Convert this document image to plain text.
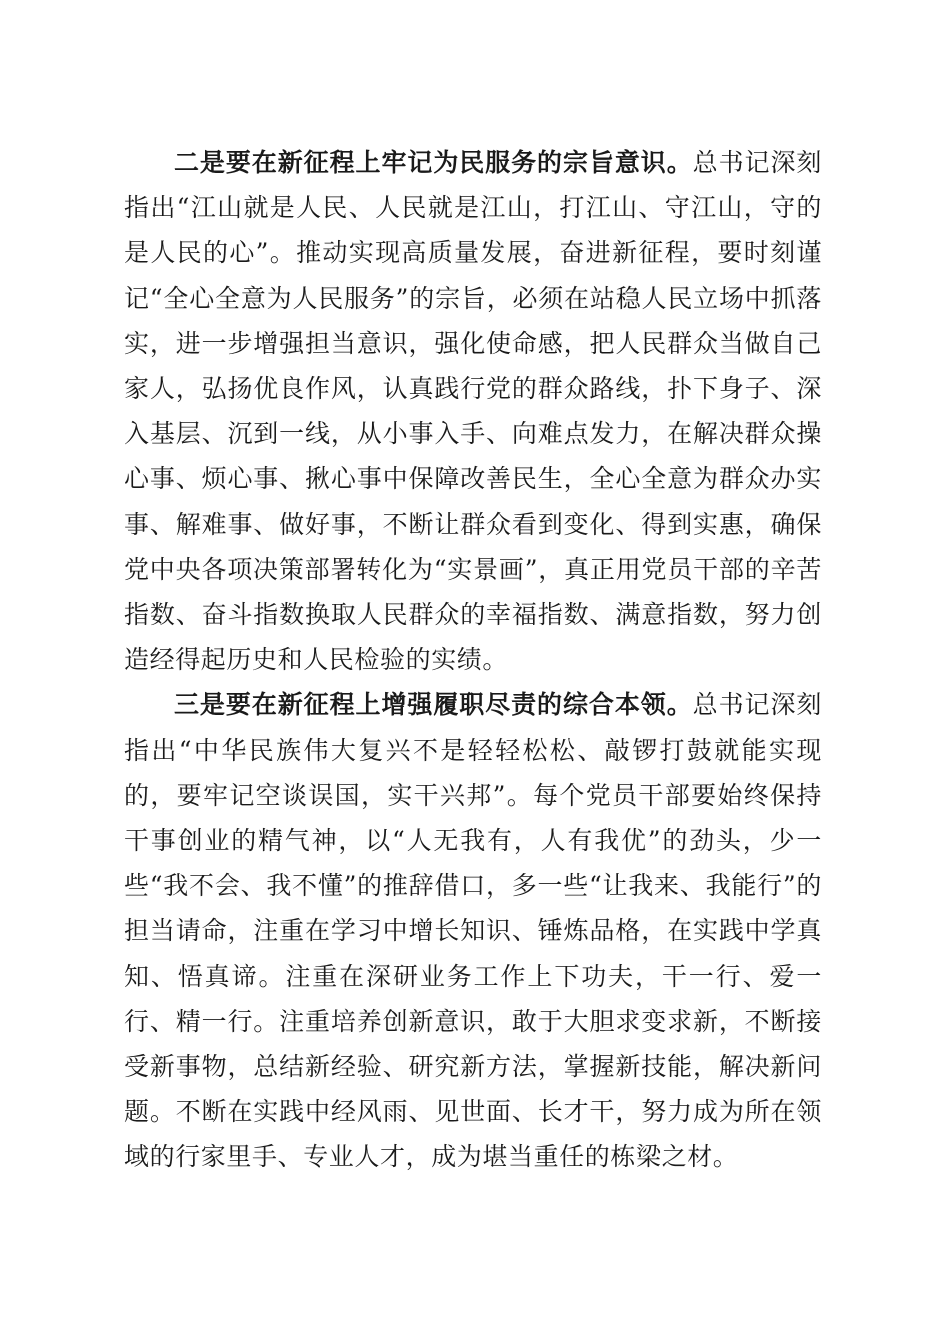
二是要在新征程上牢记为民服务的宗旨意识。总书记深刻指出“江山就是人民、人民就是江山，打江山、守江山，守的是人民的心”。推动实现高质量发展，奋进新征程，要时刻谨记“全心全意为人民服务”的宗旨，必须在站稳人民立场中抓落实，进一步增强担当意识，强化使命感，把人民群众当做自己家人，弘扬优良作风，认真践行党的群众路线，扑下身子、深入基层、沉到一线，从小事入手、向难点发力，在解决群众操心事、烦心事、揪心事中保障改善民生，全心全意为群众办实事、解难事、做好事，不断让群众看到变化、得到实惠，确保党中央各项决策部署转化为“实景画”，真正用党员干部的辛苦指数、奋斗指数换取人民群众的幸福指数、满意指数，努力创造经得起历史和人民检验的实绩。

三是要在新征程上增强履职尽责的综合本领。总书记深刻指出“中华民族伟大复兴不是轻轻松松、敲锣打鼓就能实现的，要牢记空谈误国，实干兴邦”。每个党员干部要始终保持干事创业的精气神，以“人无我有，人有我优”的劲头，少一些“我不会、我不懂”的推辞借口，多一些“让我来、我能行”的担当请命，注重在学习中增长知识、锤炼品格，在实践中学真知、悟真谛。注重在深研业务工作上下功夫，干一行、爱一行、精一行。注重培养创新意识，敢于大胆求变求新，不断接受新事物，总结新经验、研究新方法，掌握新技能，解决新问题。不断在实践中经风雨、见世面、长才干，努力成为所在领域的行家里手、专业人才，成为堪当重任的栋梁之材。
